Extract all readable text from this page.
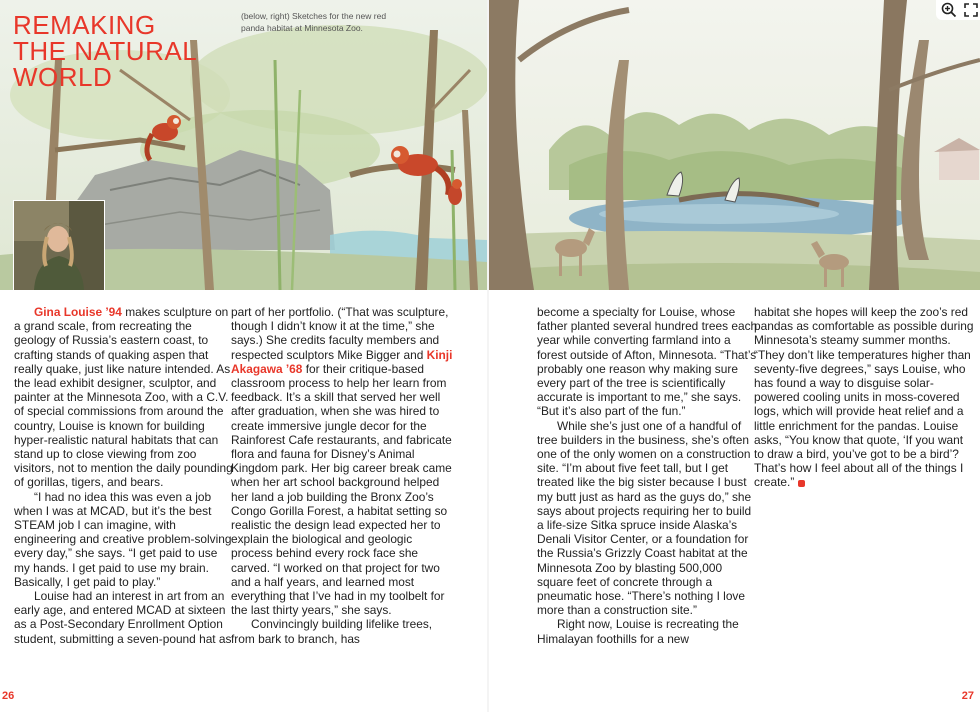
REMAKING
THE NATURAL
WORLD
(below, right) Sketches for the new red panda habitat at Minnesota Zoo.

Gina Louise ’94 makes sculpture on a grand scale, from recreating the geology of Russia’s eastern coast, to crafting stands of quaking aspen that really quake, just like nature intended. As the lead exhibit designer, sculptor, and painter at the Minnesota Zoo, with a C.V. of special commissions from around the country, Louise is known for building hyper-realistic natural habitats that can stand up to close viewing from zoo visitors, not to mention the daily pounding of gorillas, tigers, and bears.

“I had no idea this was even a job when I was at MCAD, but it’s the best STEAM job I can imagine, with engineering and creative problem-solving every day,” she says. “I get paid to use my hands. I get paid to use my brain. Basically, I get paid to play.”

Louise had an interest in art from an early age, and entered MCAD at sixteen as a Post-Secondary Enrollment Option student, submitting a seven-pound hat as

part of her portfolio. (“That was sculpture, though I didn’t know it at the time,” she says.) She credits faculty members and respected sculptors Mike Bigger and Kinji Akagawa ’68 for their critique-based classroom process to help her learn from feedback. It’s a skill that served her well after graduation, when she was hired to create immersive jungle decor for the Rainforest Cafe restaurants, and fabricate flora and fauna for Disney’s Animal Kingdom park. Her big career break came when her art school background helped her land a job building the Bronx Zoo’s Congo Gorilla Forest, a habitat setting so realistic the design lead expected her to explain the biological and geologic process behind every rock face she carved. “I worked on that project for two and a half years, and learned most everything that I’ve had in my toolbelt for the last thirty years,” she says.

Convincingly building lifelike trees, from bark to branch, has

become a specialty for Louise, whose father planted several hundred trees each year while converting farmland into a forest outside of Afton, Minnesota. “That’s probably one reason why making sure every part of the tree is scientifically accurate is important to me,” she says. “But it’s also part of the fun.”

While she’s just one of a handful of tree builders in the business, she’s often one of the only women on a construction site. “I’m about five feet tall, but I get treated like the big sister because I bust my butt just as hard as the guys do,” she says about projects requiring her to build a life-size Sitka spruce inside Alaska’s Denali Visitor Center, or a foundation for the Russia’s Grizzly Coast habitat at the Minnesota Zoo by blasting 500,000 square feet of concrete through a pneumatic hose. “There’s nothing I love more than a construction site.”

Right now, Louise is recreating the Himalayan foothills for a new

habitat she hopes will keep the zoo’s red pandas as comfortable as possible during Minnesota’s steamy summer months. “They don’t like temperatures higher than seventy-five degrees,” says Louise, who has found a way to disguise solar-powered cooling units in moss-covered logs, which will provide heat relief and a little enrichment for the pandas. Louise asks, “You know that quote, ‘If you want to draw a bird, you’ve got to be a bird’? That’s how I feel about all of the things I create.”

26	27
